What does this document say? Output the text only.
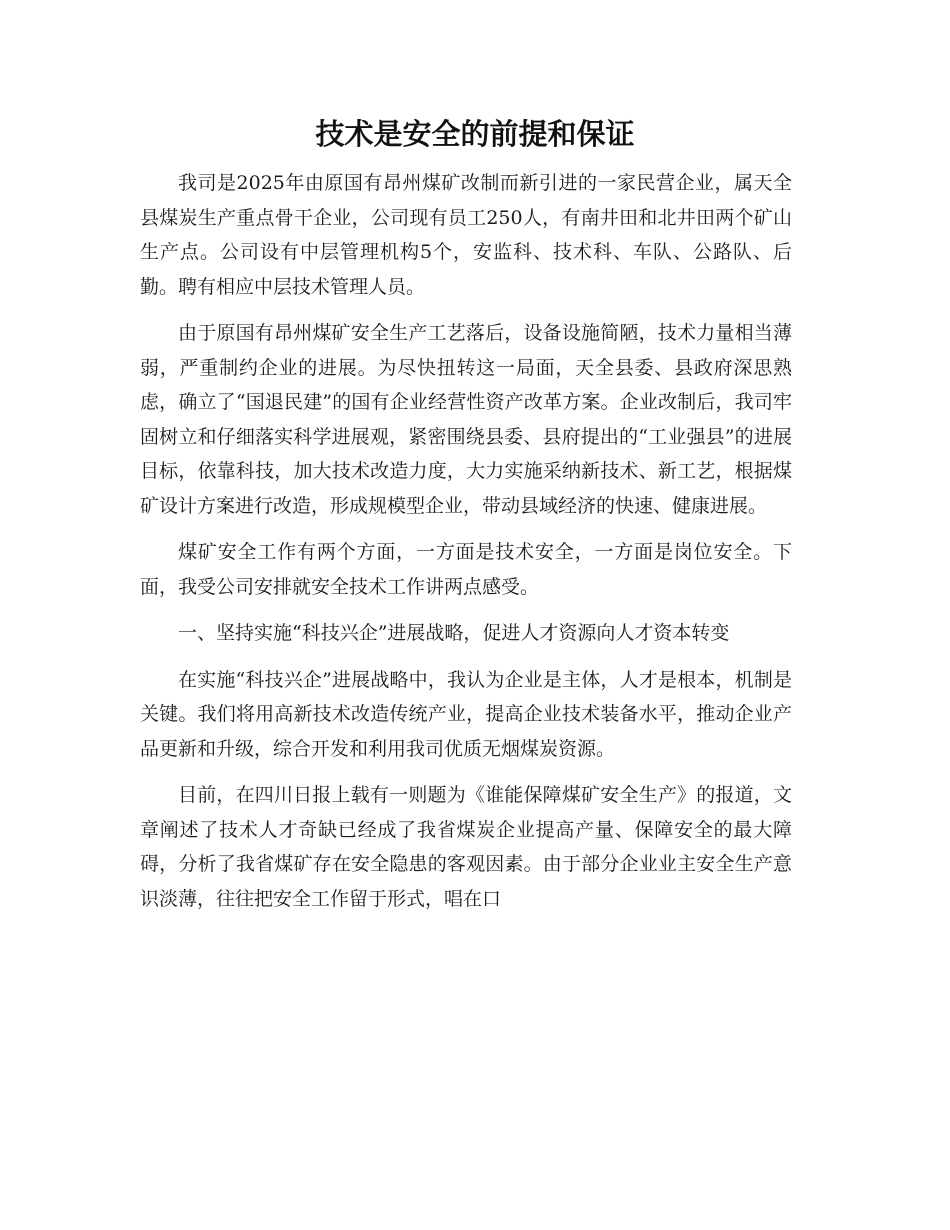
技术是安全的前提和保证

我司是2025年由原国有昂州煤矿改制而新引进的一家民营企业，属天全县煤炭生产重点骨干企业，公司现有员工250人，有南井田和北井田两个矿山生产点。公司设有中层管理机构5个，安监科、技术科、车队、公路队、后勤。聘有相应中层技术管理人员。

由于原国有昂州煤矿安全生产工艺落后，设备设施简陋，技术力量相当薄弱，严重制约企业的进展。为尽快扭转这一局面，天全县委、县政府深思熟虑，确立了“国退民建”的国有企业经营性资产改革方案。企业改制后，我司牢固树立和仔细落实科学进展观，紧密围绕县委、县府提出的“工业强县”的进展目标，依靠科技，加大技术改造力度，大力实施采纳新技术、新工艺，根据煤矿设计方案进行改造，形成规模型企业，带动县域经济的快速、健康进展。

煤矿安全工作有两个方面，一方面是技术安全，一方面是岗位安全。下面，我受公司安排就安全技术工作讲两点感受。

一、坚持实施“科技兴企”进展战略，促进人才资源向人才资本转变

在实施“科技兴企”进展战略中，我认为企业是主体，人才是根本，机制是关键。我们将用高新技术改造传统产业，提高企业技术装备水平，推动企业产品更新和升级，综合开发和利用我司优质无烟煤炭资源。

目前，在四川日报上载有一则题为《谁能保障煤矿安全生产》的报道，文章阐述了技术人才奇缺已经成了我省煤炭企业提高产量、保障安全的最大障碍，分析了我省煤矿存在安全隐患的客观因素。由于部分企业业主安全生产意识淡薄，往往把安全工作留于形式，唱在口
